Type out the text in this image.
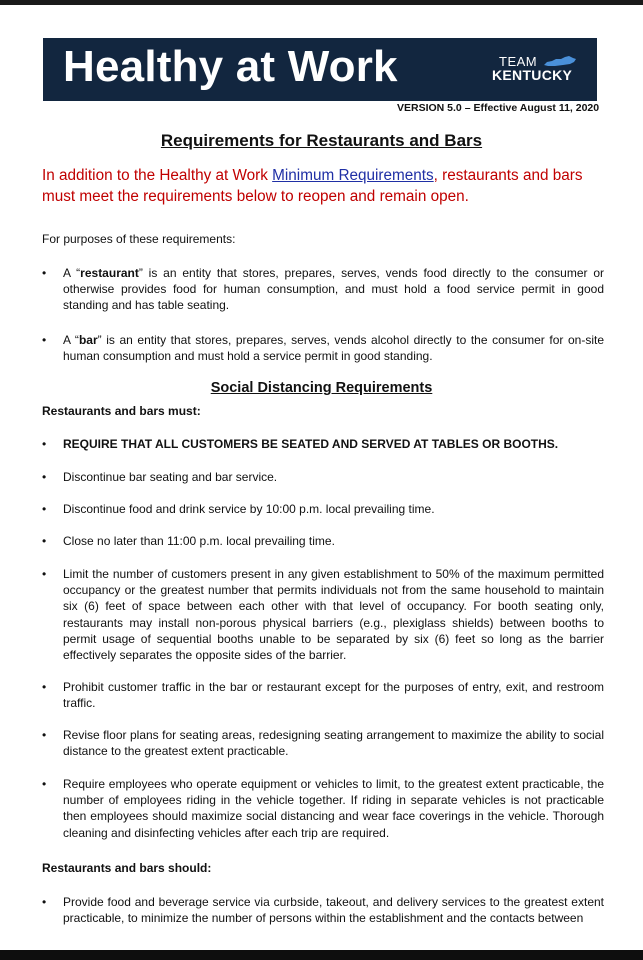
Healthy at Work	TEAM
KENTUCKY
VERSION 5.0 – Effective August 11, 2020
Requirements for Restaurants and Bars
In addition to the Healthy at Work Minimum Requirements, restaurants and bars must meet the requirements below to reopen and remain open.
For purposes of these requirements:
• A “restaurant” is an entity that stores, prepares, serves, vends food directly to the consumer or otherwise provides food for human consumption, and must hold a food service permit in good standing and has table seating.
• A “bar” is an entity that stores, prepares, serves, vends alcohol directly to the consumer for on-site human consumption and must hold a service permit in good standing.
Social Distancing Requirements
Restaurants and bars must:
• REQUIRE THAT ALL CUSTOMERS BE SEATED AND SERVED AT TABLES OR BOOTHS.
• Discontinue bar seating and bar service.
• Discontinue food and drink service by 10:00 p.m. local prevailing time.
• Close no later than 11:00 p.m. local prevailing time.
• Limit the number of customers present in any given establishment to 50% of the maximum permitted occupancy or the greatest number that permits individuals not from the same household to maintain six (6) feet of space between each other with that level of occupancy. For booth seating only, restaurants may install non-porous physical barriers (e.g., plexiglass shields) between booths to permit usage of sequential booths unable to be separated by six (6) feet so long as the barrier effectively separates the opposite sides of the barrier.
• Prohibit customer traffic in the bar or restaurant except for the purposes of entry, exit, and restroom traffic.
• Revise floor plans for seating areas, redesigning seating arrangement to maximize the ability to social distance to the greatest extent practicable.
• Require employees who operate equipment or vehicles to limit, to the greatest extent practicable, the number of employees riding in the vehicle together. If riding in separate vehicles is not practicable then employees should maximize social distancing and wear face coverings in the vehicle. Thorough cleaning and disinfecting vehicles after each trip are required.
Restaurants and bars should:
• Provide food and beverage service via curbside, takeout, and delivery services to the greatest extent practicable, to minimize the number of persons within the establishment and the contacts between
